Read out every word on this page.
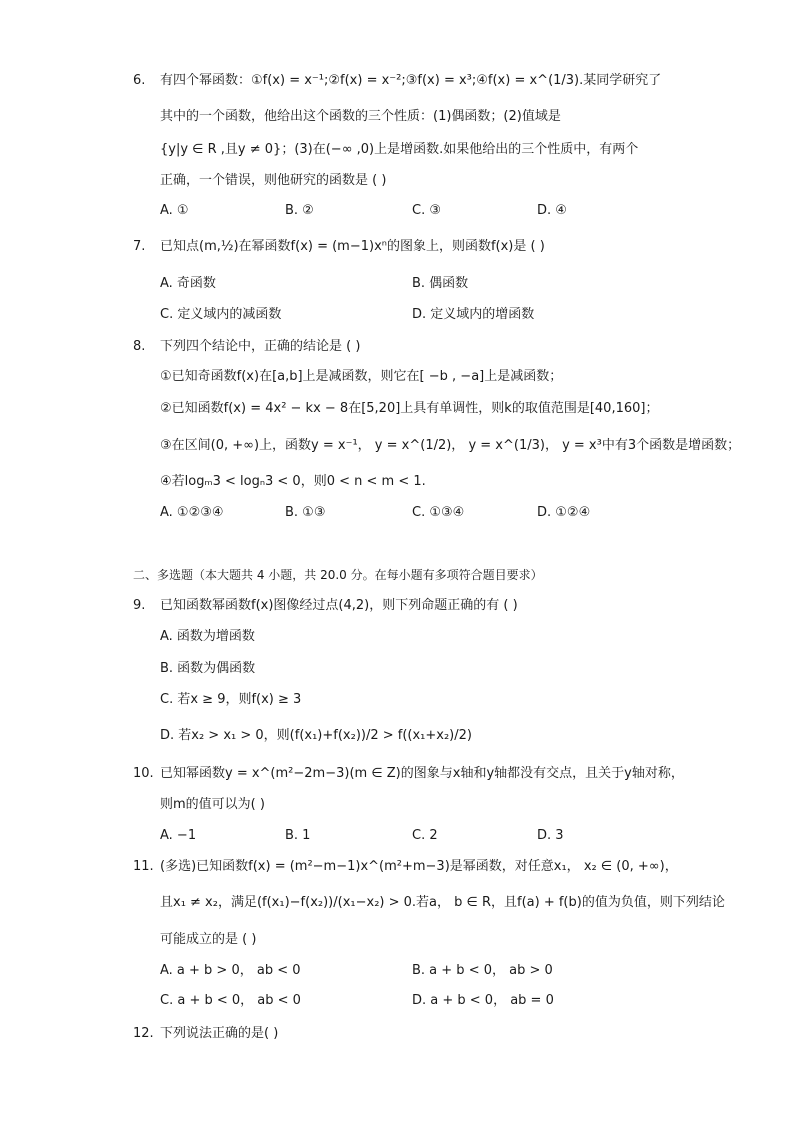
6. 有四个幂函数：①f(x) = x⁻¹;②f(x) = x⁻²;③f(x) = x³;④f(x) = x^(1/3).某同学研究了
其中的一个函数，他给出这个函数的三个性质：(1)偶函数；(2)值域是
{y|y ∈ R ,且y ≠ 0}；(3)在(−∞ ,0)上是增函数.如果他给出的三个性质中，有两个
正确，一个错误，则他研究的函数是 ( )
A. ①	B. ②	C. ③	D. ④
7. 已知点(m,½)在幂函数f(x) = (m−1)xⁿ的图象上，则函数f(x)是 ( )
A. 奇函数	B. 偶函数
C. 定义域内的减函数	D. 定义域内的增函数
8. 下列四个结论中，正确的结论是 ( )
①已知奇函数f(x)在[a,b]上是减函数，则它在[ −b , −a]上是减函数；
②已知函数f(x) = 4x² − kx − 8在[5,20]上具有单调性，则k的取值范围是[40,160]；
③在区间(0, +∞)上，函数y = x⁻¹， y = x^(1/2)， y = x^(1/3)， y = x³中有3个函数是增函数；
④若logₘ3 < logₙ3 < 0，则0 < n < m < 1.
A. ①②③④	B. ①③	C. ①③④	D. ①②④
二、多选题（本大题共 4 小题，共 20.0 分。在每小题有多项符合题目要求）
9. 已知函数幂函数f(x)图像经过点(4,2)，则下列命题正确的有 ( )
A. 函数为增函数
B. 函数为偶函数
C. 若x ≥ 9，则f(x) ≥ 3
D. 若x₂ > x₁ > 0，则(f(x₁)+f(x₂))/2 > f((x₁+x₂)/2)
10. 已知幂函数y = x^(m²−2m−3)(m ∈ Z)的图象与x轴和y轴都没有交点，且关于y轴对称，
则m的值可以为( )
A. −1	B. 1	C. 2	D. 3
11. (多选)已知函数f(x) = (m²−m−1)x^(m²+m−3)是幂函数，对任意x₁， x₂ ∈ (0, +∞)，
且x₁ ≠ x₂，满足(f(x₁)−f(x₂))/(x₁−x₂) > 0.若a， b ∈ R，且f(a) + f(b)的值为负值，则下列结论
可能成立的是 ( )
A. a + b > 0， ab < 0	B. a + b < 0， ab > 0
C. a + b < 0， ab < 0	D. a + b < 0， ab = 0
12. 下列说法正确的是( )
